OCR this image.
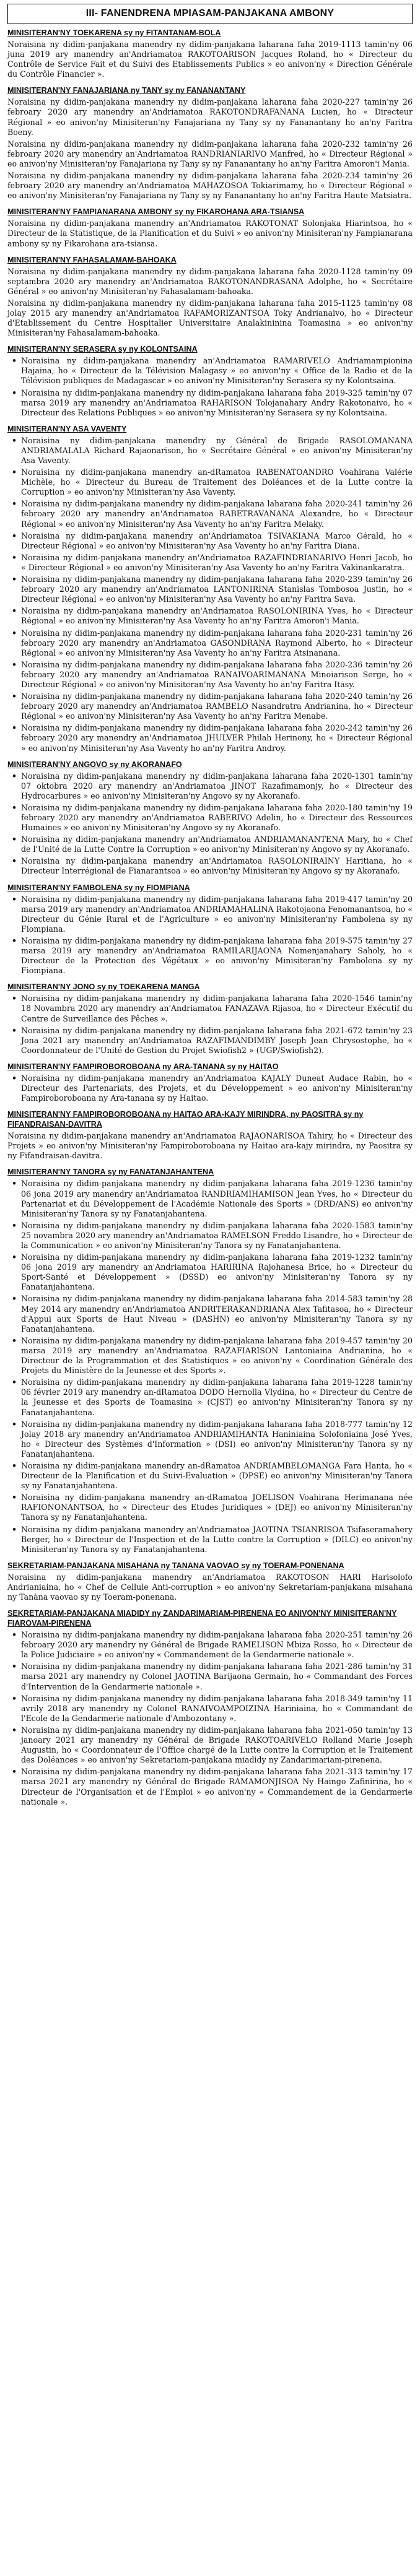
III- FANENDRENA MPIASAM-PANJAKANA AMBONY
MINISITERAN'NY TOEKARENA sy ny FITANTANAM-BOLA
Noraisina ny didim-panjakana manendry ny didim-panjakana laharana faha 2019-1113 tamin'ny 06 juna 2019 ary manendry an'Andriamatoa RAKOTOARISON Jacques Roland, ho « Directeur du Contrôle de Service Fait et du Suivi des Etablissements Publics » eo anivon'ny « Direction Générale du Contrôle Financier ».
MINISITERAN'NY FANAJARIANA ny TANY sy ny FANANANTANY
Noraisina ny didim-panjakana manendry ny didim-panjakana laharana faha 2020-227 tamin'ny 26 febroary 2020 ary manendry an'Andriamatoa RAKOTONDRAFANANA Lucien, ho « Directeur Régional » eo anivon'ny Minisiteran'ny Fanajariana ny Tany sy ny Fananantany ho an'ny Faritra Boeny.
Noraisina ny didim-panjakana manendry ny didim-panjakana laharana faha 2020-232 tamin'ny 26 febroary 2020 ary manendry an'Andriamatoa RANDRIANIARIVO Manfred, ho « Directeur Régional » eo anivon'ny Minisiteran'ny Fanajariana ny Tany sy ny Fananantany ho an'ny Faritra Amoron'i Mania.
Noraisina ny didim-panjakana manendry ny didim-panjakana laharana faha 2020-234 tamin'ny 26 febroary 2020 ary manendry an'Andriamatoa MAHAZOSOA Tokiarimamy, ho « Directeur Régional » eo anivon'ny Minisiteran'ny Fanajariana ny Tany sy ny Fananantany ho an'ny Faritra Haute Matsiatra.
MINISITERAN'NY FAMPIANARANA AMBONY sy ny FIKAROHANA ARA-TSIANSA
Noraisina ny didim-panjakana manendry an'Andriamatoa RAKOTONAT Solonjaka Hiarintsoa, ho « Directeur de la Statistique, de la Planification et du Suivi » eo anivon'ny Minisiteran'ny Fampianarana ambony sy ny Fikarohana ara-tsiansa.
MINISITERAN'NY FAHASALAMAM-BAHOAKA
Noraisina ny didim-panjakana manendry ny didim-panjakana laharana faha 2020-1128 tamin'ny 09 septambra 2020 ary manendry an'Andriamatoa RAKOTONANDRASANA Adolphe, ho « Secrétaire Général » eo anivon'ny Minisiteran'ny Fahasalamam-bahoaka.
Noraisina ny didim-panjakana manendry ny didim-panjakana laharana faha 2015-1125 tamin'ny 08 jolay 2015 ary manendry an'Andriamatoa RAFAMORIZANTSOA Toky Andrianaivo, ho « Directeur d'Etablissement du Centre Hospitalier Universitaire Analakininina Toamasina » eo anivon'ny Minisiteran'ny Fahasalamam-bahoaka.
MINISITERAN'NY SERASERA sy ny KOLONTSAINA
• Noraisina ny didim-panjakana manendry an'Andriamatoa RAMARIVELO Andriamampionina Hajaina, ho « Directeur de la Télévision Malagasy » eo anivon'ny « Office de la Radio et de la Télévision publiques de Madagascar » eo anivon'ny Minisiteran'ny Serasera sy ny Kolontsaina.
• Noraisina ny didim-panjakana manendry ny didim-panjakana laharana faha 2019-325 tamin'ny 07 marsa 2019 ary manendry an'Andriamatoa RAHARISON Tolojanahary Andry Rakotonaivo, ho « Directeur des Relations Publiques » eo anivon'ny Minisiteran'ny Serasera sy ny Kolontsaina.
MINISITERAN'NY ASA VAVENTY
• Noraisina ny didim-panjakana manendry ny Général de Brigade RASOLOMANANA ANDRIAMALALA Richard Rajaonarison, ho « Secrétaire Général » eo anivon'ny Minisiteran'ny Asa Vaventy.
• Noraisina ny didim-panjakana manendry an-dRamatoa RABENATOANDRO Voahirana Valérie Michèle, ho « Directeur du Bureau de Traitement des Doléances et de la Lutte contre la Corruption » eo anivon'ny Minisiteran'ny Asa Vaventy.
• Noraisina ny didim-panjakana manendry ny didim-panjakana laharana faha 2020-241 tamin'ny 26 febroary 2020 ary manendry an'Andriamatoa RABETRAVANANA Alexandre, ho « Directeur Régional » eo anivon'ny Minisiteran'ny Asa Vaventy ho an'ny Faritra Melaky.
• Noraisina ny didim-panjakana manendry an'Andriamatoa TSIVAKIANA Marco Gérald, ho « Directeur Régional » eo anivon'ny Minisiteran'ny Asa Vaventy ho an'ny Faritra Diana.
• Noraisina ny didim-panjakana manendry an'Andriamatoa RAZAFINDRIANARIVO Henri Jacob, ho « Directeur Régional » eo anivon'ny Minisiteran'ny Asa Vaventy ho an'ny Faritra Vakinankaratra.
• Noraisina ny didim-panjakana manendry ny didim-panjakana laharana faha 2020-239 tamin'ny 26 febroary 2020 ary manendry an'Andriamatoa LANTONIRINA Stanislas Tombosoa Justin, ho « Directeur Régional » eo anivon'ny Minisiteran'ny Asa Vaventy ho an'ny Faritra Sava.
• Noraisina ny didim-panjakana manendry an'Andriamatoa RASOLONIRINA Yves, ho « Directeur Régional » eo anivon'ny Minisiteran'ny Asa Vaventy ho an'ny Faritra Amoron'i Mania.
• Noraisina ny didim-panjakana manendry ny didim-panjakana laharana faha 2020-231 tamin'ny 26 febroary 2020 ary manendry an'Andriamatoa GASONDRANA Raymond Alberto, ho « Directeur Régional » eo anivon'ny Minisiteran'ny Asa Vaventy ho an'ny Faritra Atsinanana.
• Noraisina ny didim-panjakana manendry ny didim-panjakana laharana faha 2020-236 tamin'ny 26 febroary 2020 ary manendry an'Andriamatoa RANAIVOARIMANANA Minoiarison Serge, ho « Directeur Régional » eo anivon'ny Minisiteran'ny Asa Vaventy ho an'ny Faritra Itasy.
• Noraisina ny didim-panjakana manendry ny didim-panjakana laharana faha 2020-240 tamin'ny 26 febroary 2020 ary manendry an'Andriamatoa RAMBELO Nasandratra Andrianina, ho « Directeur Régional » eo anivon'ny Minisiteran'ny Asa Vaventy ho an'ny Faritra Menabe.
• Noraisina ny didim-panjakana manendry ny didim-panjakana laharana faha 2020-242 tamin'ny 26 febroary 2020 ary manendry an'Andriamatoa JHULVER Philah Herinony, ho « Directeur Régional » eo anivon'ny Minisiteran'ny Asa Vaventy ho an'ny Faritra Androy.
MINISITERAN'NY ANGOVO sy ny AKORANAFO
• Noraisina ny didim-panjakana manendry ny didim-panjakana laharana faha 2020-1301 tamin'ny 07 oktobra 2020 ary manendry an'Andriamatoa JINOT Razafimamonjy, ho « Directeur des Hydrocarbures » eo anivon'ny Minisiteran'ny Angovo sy ny Akoranafo.
• Noraisina ny didim-panjakana manendry ny didim-panjakana laharana faha 2020-180 tamin'ny 19 febroary 2020 ary manendry an'Andriamatoa RABERIVO Adelin, ho « Directeur des Ressources Humaines » eo anivon'ny Minisiteran'ny Angovo sy ny Akoranafo.
• Noraisina ny didim-panjakana manendry an'Andriamatoa ANDRIAMANANTENA Mary, ho « Chef de l'Unité de la Lutte Contre la Corruption » eo anivon'ny Minisiteran'ny Angovo sy ny Akoranafo.
• Noraisina ny didim-panjakana manendry an'Andriamatoa RASOLONIRAINY Haritiana, ho « Directeur Interrégional de Fianarantsoa » eo anivon'ny Minisiteran'ny Angovo sy ny Akoranafo.
MINISITERAN'NY FAMBOLENA sy ny FIOMPIANA
• Noraisina ny didim-panjakana manendry ny didim-panjakana laharana faha 2019-417 tamin'ny 20 marsa 2019 ary manendry an'Andriamatoa ANDRIAMAHALINA Rakotojaona Fenomanantsoa, ho « Directeur du Génie Rural et de l'Agriculture » eo anivon'ny Minisiteran'ny Fambolena sy ny Fiompiana.
• Noraisina ny didim-panjakana manendry ny didim-panjakana laharana faha 2019-575 tamin'ny 27 marsa 2019 ary manendry an'Andriamatoa RAMILARIJAONA Nomenjanahary Saholy, ho « Directeur de la Protection des Végétaux » eo anivon'ny Minisiteran'ny Fambolena sy ny Fiompiana.
MINISITERAN'NY JONO sy ny TOEKARENA MANGA
• Noraisina ny didim-panjakana manendry ny didim-panjakana laharana faha 2020-1546 tamin'ny 18 Novambra 2020 ary manendry an'Andriamatoa FANAZAVA Rijasoa, ho « Directeur Exécutif du Centre de Surveillance des Pêches ».
• Noraisina ny didim-panjakana manendry ny didim-panjakana laharana faha 2021-672 tamin'ny 23 Jona 2021 ary manendry an'Andriamatoa RAZAFIMANDIMBY Joseph Jean Chrysostophe, ho « Coordonnateur de l'Unité de Gestion du Projet Swiofish2 » (UGP/Swiofish2).
MINISITERAN'NY FAMPIROBOROBOANA ny ARA-TANANA sy ny HAITAO
• Noraisina ny didim-panjakana manendry an'Andriamatoa KAJALY Duneat Audace Rabin, ho « Directeur des Partenariats, des Projets, et du Développement » eo anivon'ny Minisiteran'ny Fampiroboroboana ny Ara-tanana sy ny Haitao.
MINISITERAN'NY FAMPIROBOROBOANA ny HAITAO ARA-KAJY MIRINDRA, ny PAOSITRA sy ny FIFANDRAISAN-DAVITRA
Noraisina ny didim-panjakana manendry an'Andriamatoa RAJAONARISOA Tahiry, ho « Directeur des Projets » eo anivon'ny Minisiteran'ny Fampiroboroboana ny Haitao ara-kajy mirindra, ny Paositra sy ny Fifandraisan-davitra.
MINISITERAN'NY TANORA sy ny FANATANJAHANTENA
• Noraisina ny didim-panjakana manendry ny didim-panjakana laharana faha 2019-1236 tamin'ny 06 jona 2019 ary manendry an'Andriamatoa RANDRIAMIHAMISON Jean Yves, ho « Directeur du Partenariat et du Développement de l'Académie Nationale des Sports » (DRD/ANS) eo anivon'ny Minisiteran'ny Tanora sy ny Fanatanjahantena.
• Noraisina ny didim-panjakana manendry ny didim-panjakana laharana faha 2020-1583 tamin'ny 25 novambra 2020 ary manendry an'Andriamatoa RAMELSON Freddo Lisandre, ho « Directeur de la Communication » eo anivon'ny Minisiteran'ny Tanora sy ny Fanatanjahantena.
• Noraisina ny didim-panjakana manendry ny didim-panjakana laharana faha 2019-1232 tamin'ny 06 jona 2019 ary manendry an'Andriamatoa HARIRINA Rajohanesa Brice, ho « Directeur du Sport-Santé et Développement » (DSSD) eo anivon'ny Minisiteran'ny Tanora sy ny Fanatanjahantena.
• Noraisina ny didim-panjakana manendry ny didim-panjakana laharana faha 2014-583 tamin'ny 28 Mey 2014 ary manendry an'Andriamatoa ANDRITERAKANDRIANA Alex Tafitasoa, ho « Directeur d'Appui aux Sports de Haut Niveau » (DASHN) eo anivon'ny Minisiteran'ny Tanora sy ny Fanatanjahantena.
• Noraisina ny didim-panjakana manendry ny didim-panjakana laharana faha 2019-457 tamin'ny 20 marsa 2019 ary manendry an'Andriamatoa RAZAFIARISON Lantoniaina Andrianina, ho « Directeur de la Programmation et des Statistiques » eo anivon'ny « Coordination Générale des Projets du Ministère de la Jeunesse et des Sports ».
• Noraisina ny didim-panjakana manendry ny didim-panjakana laharana faha 2019-1228 tamin'ny 06 février 2019 ary manendry an-dRamatoa DODO Hernolla Vlydina, ho « Directeur du Centre de la Jeunesse et des Sports de Toamasina » (CJST) eo anivon'ny Minisiteran'ny Tanora sy ny Fanatanjahantena.
• Noraisina ny didim-panjakana manendry ny didim-panjakana laharana faha 2018-777 tamin'ny 12 Jolay 2018 ary manendry an'Andriamatoa ANDRIAMIHANTA Haniniaina Solofoniaina José Yves, ho « Directeur des Systèmes d'Information » (DSI) eo anivon'ny Minisiteran'ny Tanora sy ny Fanatanjahantena.
• Noraisina ny didim-panjakana manendry an-dRamatoa ANDRIAMBELOMANGA Fara Hanta, ho « Directeur de la Planification et du Suivi-Evaluation » (DPSE) eo anivon'ny Minisiteran'ny Tanora sy ny Fanatanjahantena.
• Noraisina ny didim-panjakana manendry an-dRamatoa JOELISON Voahirana Herimanana née RAFIONONANTSOA, ho « Directeur des Etudes Juridiques » (DEJ) eo anivon'ny Minisiteran'ny Tanora sy ny Fanatanjahantena.
• Noraisina ny didim-panjakana manendry an'Andriamatoa JAOTINA TSIANRISOA Tsifaseramahery Berger, ho « Directeur de l'Inspection et de la Lutte contre la Corruption » (DILC) eo anivon'ny Minisiteran'ny Tanora sy ny Fanatanjahantena.
SEKRETARIAM-PANJAKANA MISAHANA ny TANANA VAOVAO sy ny TOERAM-PONENANA
Noraisina ny didim-panjakana manendry an'Andriamatoa RAKOTOSON HARI Harisolofo Andrianiaina, ho « Chef de Cellule Anti-corruption » eo anivon'ny Sekretariam-panjakana misahana ny Tanàna vaovao sy ny Toeram-ponenana.
SEKRETARIAM-PANJAKANA MIADIDY ny ZANDARIMARIAM-PIRENENA EO ANIVON'NY MINISITERAN'NY FIAROVAM-PIRENENA
• Noraisina ny didim-panjakana manendry ny didim-panjakana laharana faha 2020-251 tamin'ny 26 febroary 2020 ary manendry ny Général de Brigade RAMELISON Mbiza Rosso, ho « Directeur de la Police Judiciaire » eo anivon'ny « Commandement de la Gendarmerie nationale ».
• Noraisina ny didim-panjakana manendry ny didim-panjakana laharana faha 2021-286 tamin'ny 31 marsa 2021 ary manendry ny Colonel JAOTINA Barijaona Germain, ho « Commandant des Forces d'Intervention de la Gendarmerie nationale ».
• Noraisina ny didim-panjakana manendry ny didim-panjakana laharana faha 2018-349 tamin'ny 11 avrily 2018 ary manendry ny Colonel RANAIVOAMPOIZINA Hariniaina, ho « Commandant de l'Ecole de la Gendarmerie nationale d'Ambozontany ».
• Noraisina ny didim-panjakana manendry ny didim-panjakana laharana faha 2021-050 tamin'ny 13 janoary 2021 ary manendry ny Général de Brigade RAKOTOARIVELO Rolland Marie Joseph Augustin, ho « Coordonnateur de l'Office chargé de la Lutte contre la Corruption et le Traitement des Doléances » eo anivon'ny Sekretariam-panjakana miadidy ny Zandarimariam-pirenena.
• Noraisina ny didim-panjakana manendry ny didim-panjakana laharana faha 2021-313 tamin'ny 17 marsa 2021 ary manendry ny Général de Brigade RAMAMONJISOA Ny Haingo Zafinirina, ho « Directeur de l'Organisation et de l'Emploi » eo anivon'ny « Commandement de la Gendarmerie nationale ».
